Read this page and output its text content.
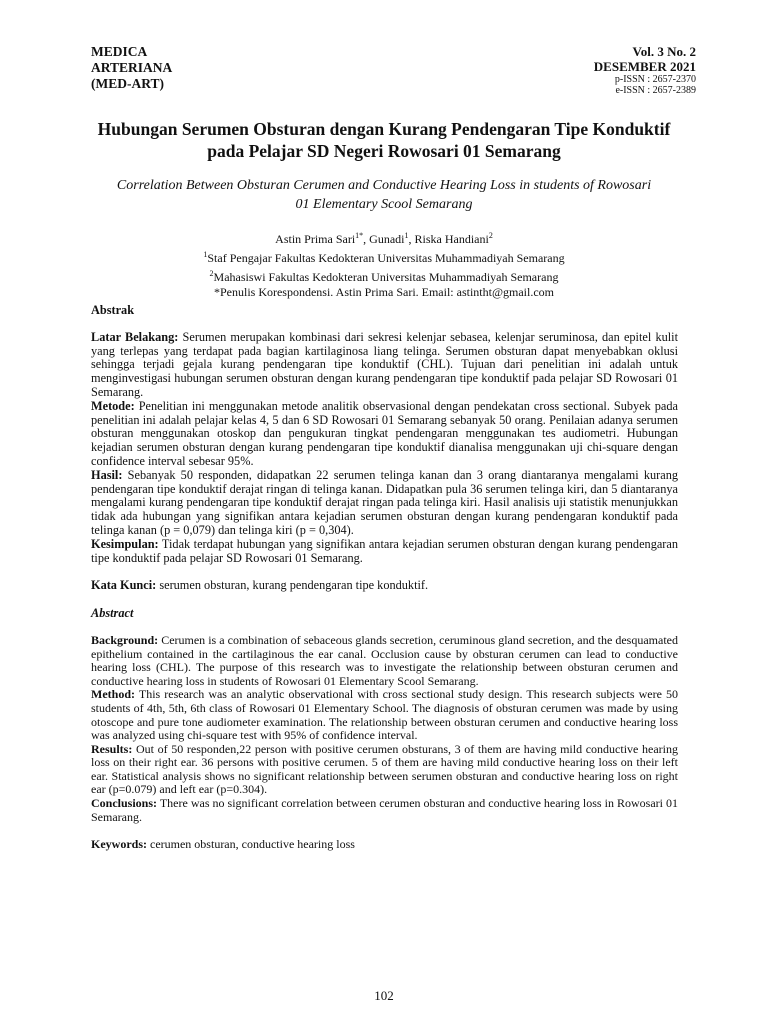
MEDICA
ARTERIANA
(MED-ART)
Vol. 3 No. 2
DESEMBER 2021
p-ISSN : 2657-2370
e-ISSN : 2657-2389
Hubungan Serumen Obsturan dengan Kurang Pendengaran Tipe Konduktif
pada Pelajar SD Negeri Rowosari 01 Semarang
Correlation Between Obsturan Cerumen and Conductive Hearing Loss in students of Rowosari
01 Elementary Scool Semarang
Astin Prima Sari$^{1*}$, Gunadi$^1$, Riska Handiani$^2$
$^1$Staf Pengajar Fakultas Kedokteran Universitas Muhammadiyah Semarang
$^2$Mahasiswi Fakultas Kedokteran Universitas Muhammadiyah Semarang
*Penulis Korespondensi. Astin Prima Sari. Email: astintht@gmail.com

Abstrak

Latar Belakang: Serumen merupakan kombinasi dari sekresi kelenjar sebasea, kelenjar seruminosa, dan epitel kulit yang terlepas yang terdapat pada bagian kartilaginosa liang telinga. Serumen obsturan dapat menyebabkan oklusi sehingga terjadi gejala kurang pendengaran tipe konduktif (CHL). Tujuan dari penelitian ini adalah untuk menginvestigasi hubungan serumen obsturan dengan kurang pendengaran tipe konduktif pada pelajar SD Rowosari 01 Semarang.

Metode: Penelitian ini menggunakan metode analitik observasional dengan pendekatan cross sectional. Subyek pada penelitian ini adalah pelajar kelas 4, 5 dan 6 SD Rowosari 01 Semarang sebanyak 50 orang. Penilaian adanya serumen obsturan menggunakan otoskop dan pengukuran tingkat pendengaran menggunakan tes audiometri. Hubungan kejadian serumen obsturan dengan kurang pendengaran tipe konduktif dianalisa menggunakan uji chi-square dengan confidence interval sebesar 95%.

Hasil: Sebanyak 50 responden, didapatkan 22 serumen telinga kanan dan 3 orang diantaranya mengalami kurang pendengaran tipe konduktif derajat ringan di telinga kanan. Didapatkan pula 36 serumen telinga kiri, dan 5 diantaranya mengalami kurang pendengaran tipe konduktif derajat ringan pada telinga kiri. Hasil analisis uji statistik menunjukkan tidak ada hubungan yang signifikan antara kejadian serumen obsturan dengan kurang pendengaran konduktif pada telinga kanan (p = 0,079) dan telinga kiri (p = 0,304).

Kesimpulan: Tidak terdapat hubungan yang signifikan antara kejadian serumen obsturan dengan kurang pendengaran tipe konduktif pada pelajar SD Rowosari 01 Semarang.

Kata Kunci: serumen obsturan, kurang pendengaran tipe konduktif.

Abstract

Background: Cerumen is a combination of sebaceous glands secretion, ceruminous gland secretion, and the desquamated epithelium contained in the cartilaginous the ear canal. Occlusion cause by obsturan cerumen can lead to conductive hearing loss (CHL). The purpose of this research was to investigate the relationship between obsturan cerumen and conductive hearing loss in students of Rowosari 01 Elementary Scool Semarang.

Method: This research was an analytic observational with cross sectional study design. This research subjects were 50 students of 4th, 5th, 6th class of Rowosari 01 Elementary School. The diagnosis of obsturan cerumen was made by using otoscope and pure tone audiometer examination. The relationship between obsturan cerumen and conductive hearing loss was analyzed using chi-square test with 95% of confidence interval.

Results: Out of 50 responden,22 person with positive cerumen obsturans, 3 of them are having mild conductive hearing loss on their right ear. 36 persons with positive cerumen. 5 of them are having mild conductive hearing loss on their left ear. Statistical analysis shows no significant relationship between serumen obsturan and conductive hearing loss on right ear (p=0.079) and left ear (p=0.304).

Conclusions: There was no significant correlation between cerumen obsturan and conductive hearing loss in Rowosari 01 Semarang.

Keywords: cerumen obsturan, conductive hearing loss

102
